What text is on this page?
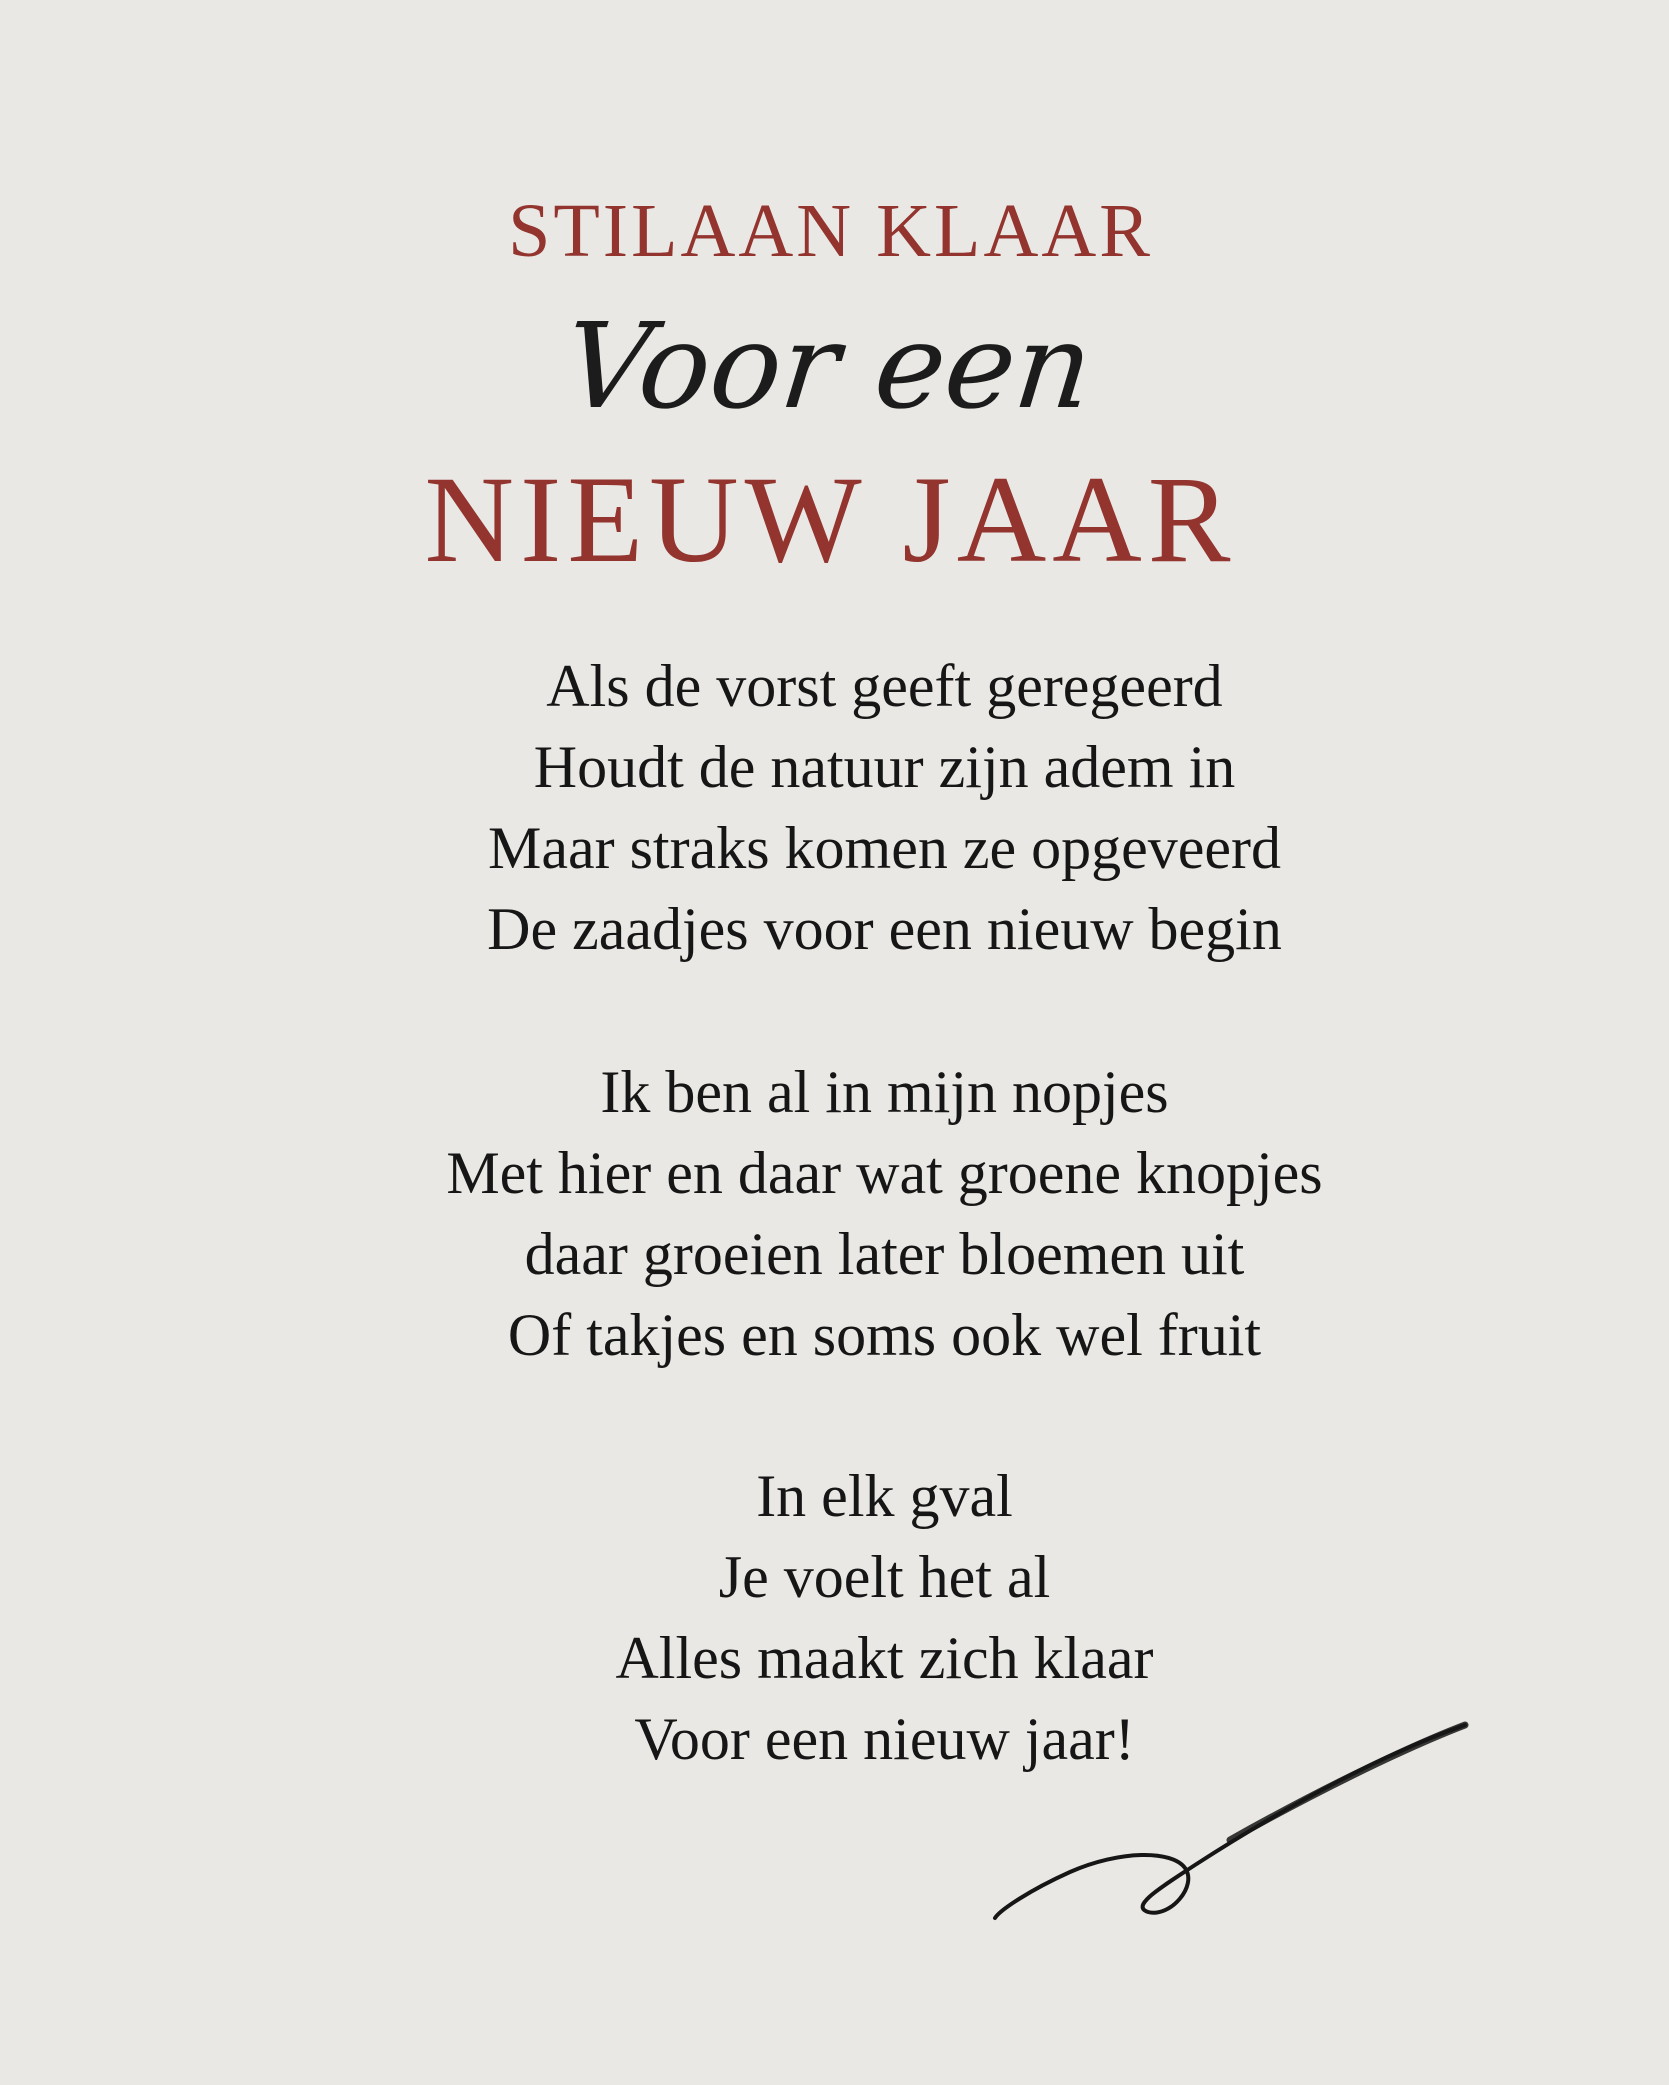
STILAAN KLAAR
Voor een
NIEUW JAAR
Als de vorst geeft geregeerd
Houdt de natuur zijn adem in
Maar straks komen ze opgeveerd
De zaadjes voor een nieuw begin
Ik ben al in mijn nopjes
Met hier en daar wat groene knopjes
daar groeien later bloemen uit
Of takjes en soms ook wel fruit
In elk gval
Je voelt het al
Alles maakt zich klaar
Voor een nieuw jaar!
